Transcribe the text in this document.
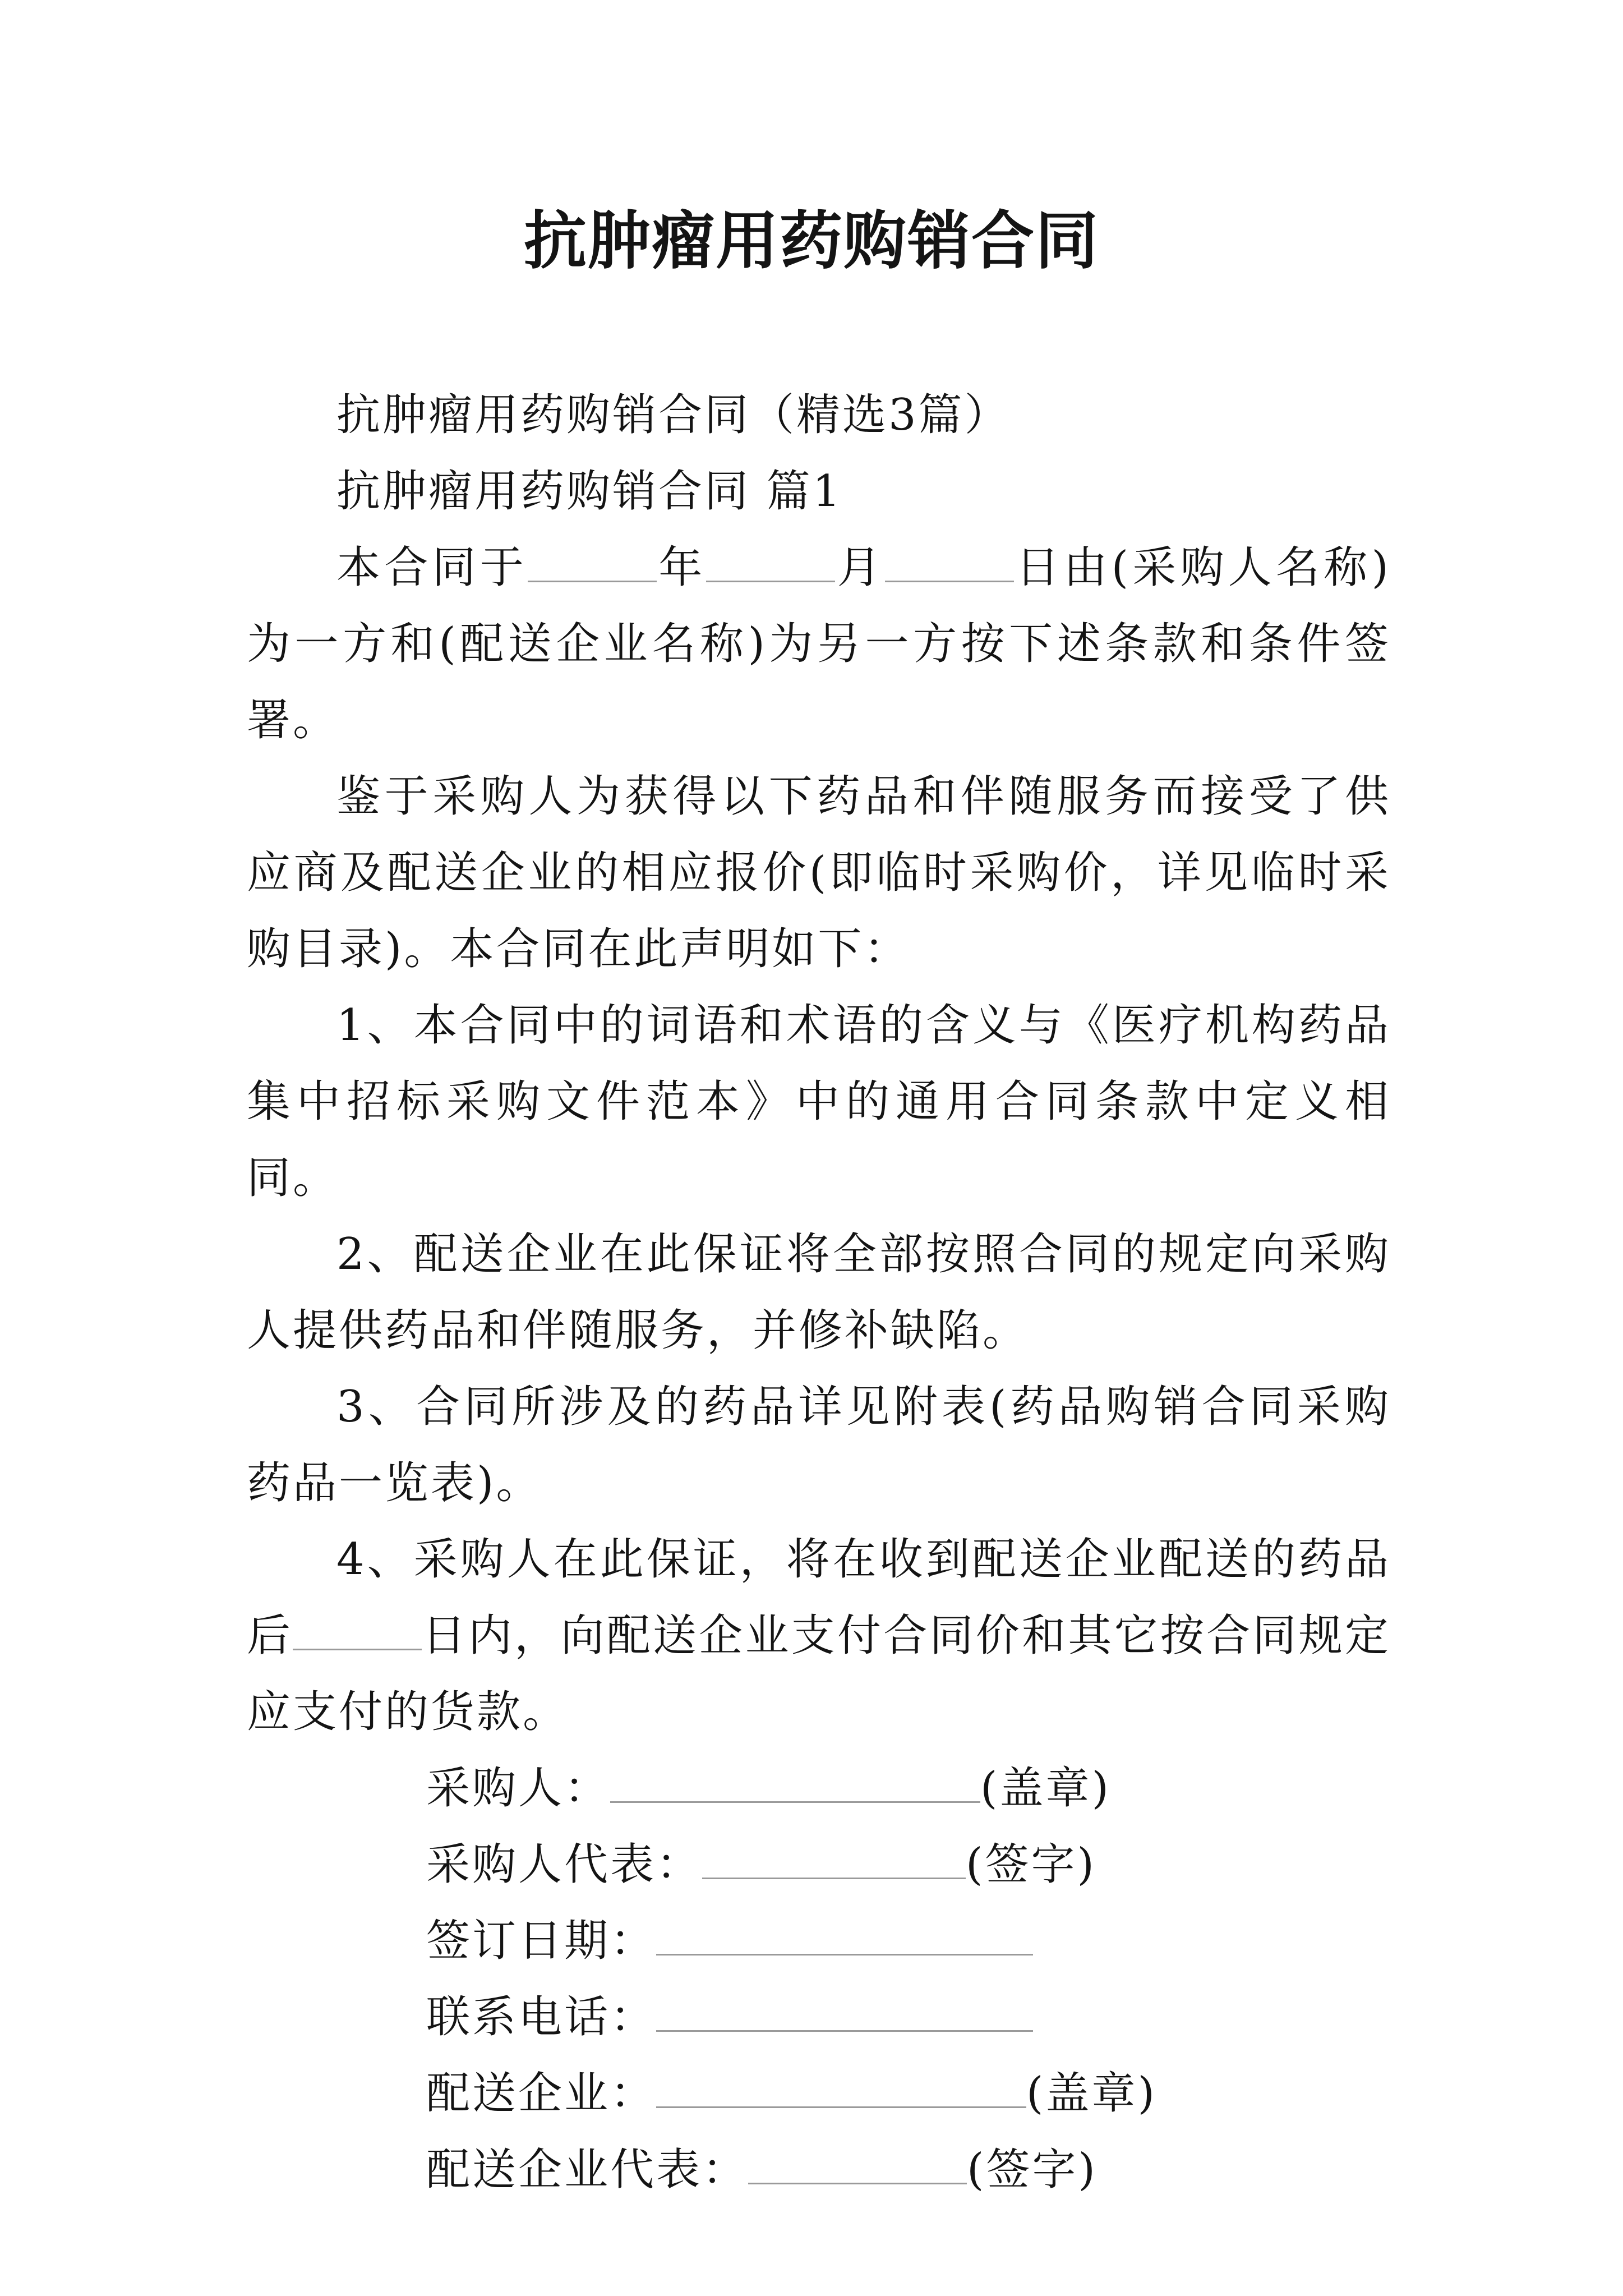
抗肿瘤用药购销合同

抗肿瘤用药购销合同（精选3篇）

抗肿瘤用药购销合同 篇1

本合同于	年	月	日由(采购人名称)为一方和(配送企业名称)为另一方按下述条款和条件签署。

鉴于采购人为获得以下药品和伴随服务而接受了供应商及配送企业的相应报价(即临时采购价，详见临时采购目录)。本合同在此声明如下：

1、本合同中的词语和术语的含义与《医疗机构药品集中招标采购文件范本》中的通用合同条款中定义相同。

2、配送企业在此保证将全部按照合同的规定向采购人提供药品和伴随服务，并修补缺陷。

3、合同所涉及的药品详见附表(药品购销合同采购药品一览表)。

4、采购人在此保证，将在收到配送企业配送的药品后	日内，向配送企业支付合同价和其它按合同规定应支付的货款。

采购人：	(盖章)

采购人代表：	(签字)

签订日期：

联系电话：

配送企业：	(盖章)

配送企业代表：	(签字)
